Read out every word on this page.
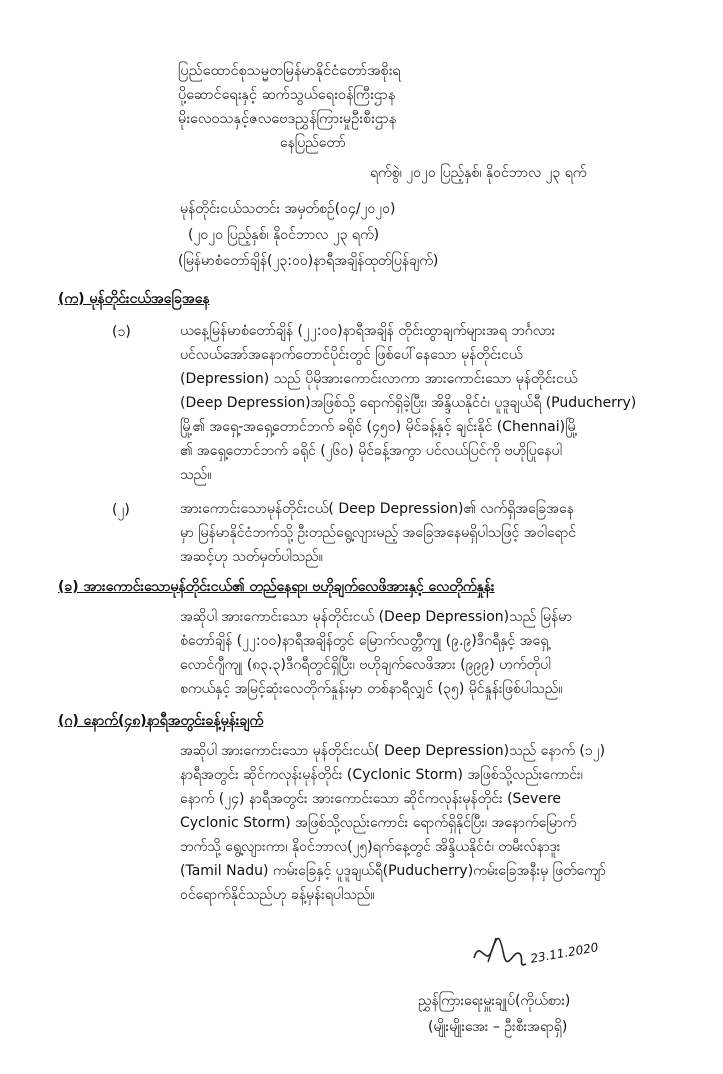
ပြည်ထောင်စုသမ္မတမြန်မာနိုင်ငံတော်အစိုးရ
ပို့ဆောင်ရေးနှင့် ဆက်သွယ်ရေးဝန်ကြီးဌာန
မိုးလေဝသနှင့်ဇလဗေဒညွှန်ကြားမှုဦးစီးဌာန
နေပြည်တော်
ရက်စွဲ၊ ၂၀၂၀ ပြည့်နှစ်၊ နိုဝင်ဘာလ ၂၃ ရက်
မုန်တိုင်းငယ်သတင်း အမှတ်စဉ်(၀၄/၂၀၂၀)
(၂၀၂၀ ပြည့်နှစ်၊ နိုဝင်ဘာလ ၂၃ ရက်)
(မြန်မာစံတော်ချိန်(၂၃:၀၀)နာရီအချိန်ထုတ်ပြန်ချက်)
(က) မုန်တိုင်းငယ်အခြေအနေ
(၁)	ယနေ့မြန်မာစံတော်ချိန် (၂၂:၀၀)နာရီအချိန် တိုင်းထွာချက်များအရ ဘင်္ဂလား
ပင်လယ်အော်အနောက်တောင်ပိုင်းတွင် ဖြစ်ပေါ်နေသော မုန်တိုင်းငယ်
(Depression) သည် ပိုမိုအားကောင်းလာကာ အားကောင်းသော မုန်တိုင်းငယ်
(Deep Depression)အဖြစ်သို့ ရောက်ရှိခဲ့ပြီး၊ အိန္ဒိယနိုင်ငံ၊ ပူဒူချယ်ရီ (Puducherry)
မြို့၏ အရှေ့-အရှေ့တောင်ဘက် ခရိုင် (၄၅၀) မိုင်ခန့်နှင့် ချင်းနိုင် (Chennai)မြို့
၏ အရှေ့တောင်ဘက် ခရိုင် (၂၆၀) မိုင်ခန့်အကွာ ပင်လယ်ပြင်ကို ဗဟိုပြုနေပါ
သည်။
(၂)	အားကောင်းသောမုန်တိုင်းငယ်( Deep Depression)၏ လက်ရှိအခြေအနေ
မှာ မြန်မာနိုင်ငံဘက်သို့ ဦးတည်ရွေ့လျားမည့် အခြေအနေမရှိပါသဖြင့် အဝါရောင်
အဆင့်ဟု သတ်မှတ်ပါသည်။
(ခ) အားကောင်းသောမုန်တိုင်းငယ်၏ တည်နေရာ၊ ဗဟိုချက်လေဖိအားနှင့် လေတိုက်နှုန်း
အဆိုပါ အားကောင်းသော မုန်တိုင်းငယ် (Deep Depression)သည် မြန်မာ
စံတော်ချိန် (၂၂:၀၀)နာရီအချိန်တွင် မြောက်လတ္တီကျု (၉.၉)ဒီဂရီနှင့် အရှေ့
လောင်ဂျီကျု (၈၃.၃)ဒီဂရီတွင်ရှိပြီး၊ ဗဟိုချက်လေဖိအား (၉၉၉) ဟက်တိုပါ
စကယ်နှင့် အမြင့်ဆုံးလေတိုက်နှုန်းမှာ တစ်နာရီလျှင် (၃၅) မိုင်နှုန်းဖြစ်ပါသည်။
(ဂ) နောက်(၄၈)နာရီအတွင်းခန့်မှန်းချက်
အဆိုပါ အားကောင်းသော မုန်တိုင်းငယ်( Deep Depression)သည် နောက် (၁၂)
နာရီအတွင်း ဆိုင်ကလုန်းမုန်တိုင်း (Cyclonic Storm) အဖြစ်သို့လည်းကောင်း၊
နောက် (၂၄) နာရီအတွင်း အားကောင်းသော ဆိုင်ကလုန်းမုန်တိုင်း (Severe
Cyclonic Storm) အဖြစ်သို့လည်းကောင်း ရောက်ရှိနိုင်ပြီး၊ အနောက်မြောက်
ဘက်သို့ ရွေ့လျားကာ၊ နိုဝင်ဘာလ(၂၅)ရက်နေ့တွင် အိန္ဒိယနိုင်ငံ၊ တမီးလ်နာဒူး
(Tamil Nadu) ကမ်းခြေနှင့် ပူဒူချယ်ရီ(Puducherry)ကမ်းခြေအနီးမှ ဖြတ်ကျော်
ဝင်ရောက်နိုင်သည်ဟု ခန့်မှန်းရပါသည်။
23.11.2020
ညွှန်ကြားရေးမှူးချုပ်(ကိုယ်စား)
(မျိုးမျိုးအေး – ဦးစီးအရာရှိ)
